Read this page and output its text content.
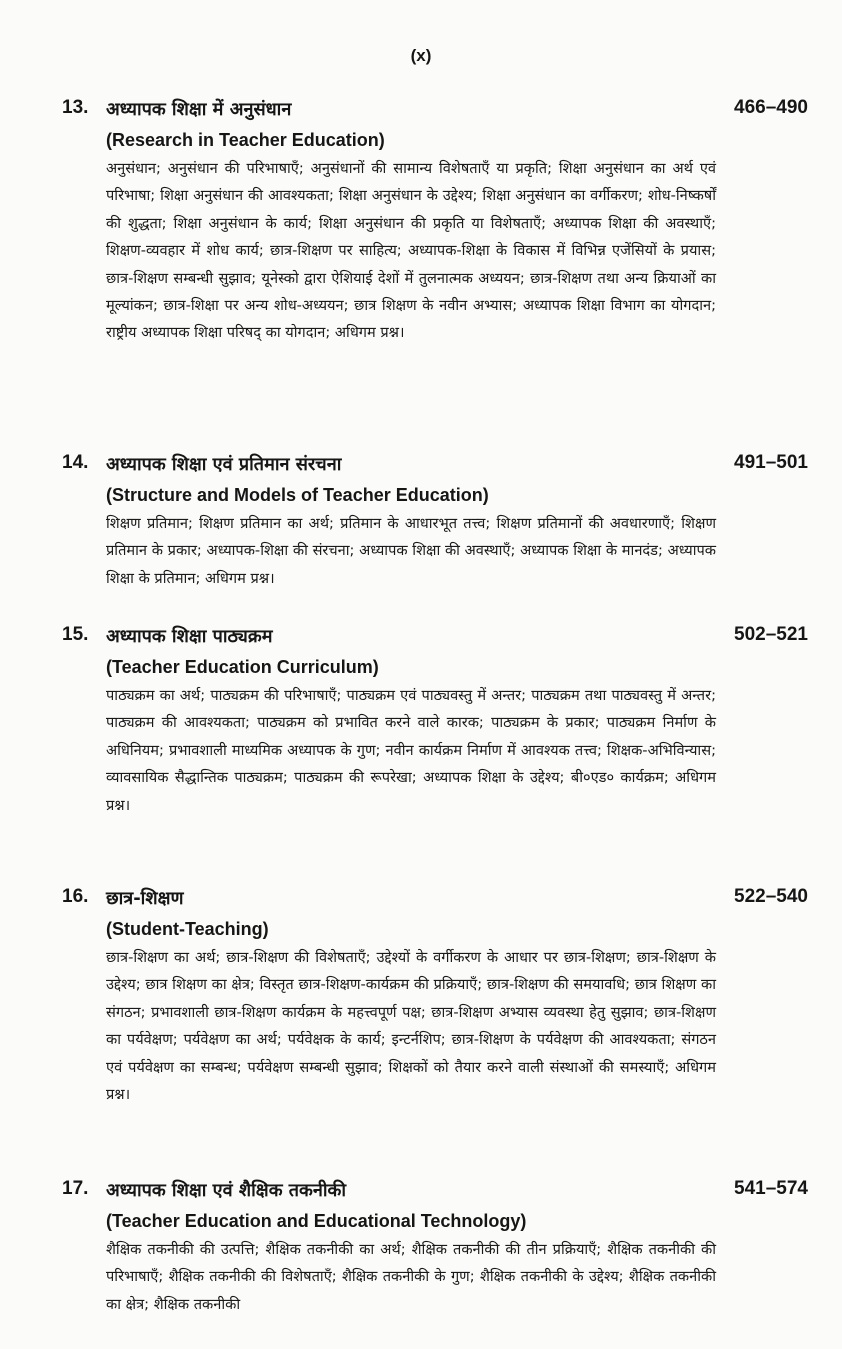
(x)
13. अध्यापक शिक्षा में अनुसंधान	466–490
(Research in Teacher Education)
अनुसंधान; अनुसंधान की परिभाषाएँ; अनुसंधानों की सामान्य विशेषताएँ या प्रकृति; शिक्षा अनुसंधान का अर्थ एवं परिभाषा; शिक्षा अनुसंधान की आवश्यकता; शिक्षा अनुसंधान के उद्देश्य; शिक्षा अनुसंधान का वर्गीकरण; शोध-निष्कर्षों की शुद्धता; शिक्षा अनुसंधान के कार्य; शिक्षा अनुसंधान की प्रकृति या विशेषताएँ; अध्यापक शिक्षा की अवस्थाएँ; शिक्षण-व्यवहार में शोध कार्य; छात्र-शिक्षण पर साहित्य; अध्यापक-शिक्षा के विकास में विभिन्न एजेंसियों के प्रयास; छात्र-शिक्षण सम्बन्धी सुझाव; यूनेस्को द्वारा ऐशियाई देशों में तुलनात्मक अध्ययन; छात्र-शिक्षण तथा अन्य क्रियाओं का मूल्यांकन; छात्र-शिक्षा पर अन्य शोध-अध्ययन; छात्र शिक्षण के नवीन अभ्यास; अध्यापक शिक्षा विभाग का योगदान; राष्ट्रीय अध्यापक शिक्षा परिषद् का योगदान; अधिगम प्रश्न।
14. अध्यापक शिक्षा एवं प्रतिमान संरचना	491–501
(Structure and Models of Teacher Education)
शिक्षण प्रतिमान; शिक्षण प्रतिमान का अर्थ; प्रतिमान के आधारभूत तत्त्व; शिक्षण प्रतिमानों की अवधारणाएँ; शिक्षण प्रतिमान के प्रकार; अध्यापक-शिक्षा की संरचना; अध्यापक शिक्षा की अवस्थाएँ; अध्यापक शिक्षा के मानदंड; अध्यापक शिक्षा के प्रतिमान; अधिगम प्रश्न।
15. अध्यापक शिक्षा पाठ्यक्रम	502–521
(Teacher Education Curriculum)
पाठ्यक्रम का अर्थ; पाठ्यक्रम की परिभाषाएँ; पाठ्यक्रम एवं पाठ्यवस्तु में अन्तर; पाठ्यक्रम तथा पाठ्यवस्तु में अन्तर; पाठ्यक्रम की आवश्यकता; पाठ्यक्रम को प्रभावित करने वाले कारक; पाठ्यक्रम के प्रकार; पाठ्यक्रम निर्माण के अधिनियम; प्रभावशाली माध्यमिक अध्यापक के गुण; नवीन कार्यक्रम निर्माण में आवश्यक तत्त्व; शिक्षक-अभिविन्यास; व्यावसायिक सैद्धान्तिक पाठ्यक्रम; पाठ्यक्रम की रूपरेखा; अध्यापक शिक्षा के उद्देश्य; बी०एड० कार्यक्रम; अधिगम प्रश्न।
16. छात्र-शिक्षण	522–540
(Student-Teaching)
छात्र-शिक्षण का अर्थ; छात्र-शिक्षण की विशेषताएँ; उद्देश्यों के वर्गीकरण के आधार पर छात्र-शिक्षण; छात्र-शिक्षण के उद्देश्य; छात्र शिक्षण का क्षेत्र; विस्तृत छात्र-शिक्षण-कार्यक्रम की प्रक्रियाएँ; छात्र-शिक्षण की समयावधि; छात्र शिक्षण का संगठन; प्रभावशाली छात्र-शिक्षण कार्यक्रम के महत्त्वपूर्ण पक्ष; छात्र-शिक्षण अभ्यास व्यवस्था हेतु सुझाव; छात्र-शिक्षण का पर्यवेक्षण; पर्यवेक्षण का अर्थ; पर्यवेक्षक के कार्य; इन्टर्नशिप; छात्र-शिक्षण के पर्यवेक्षण की आवश्यकता; संगठन एवं पर्यवेक्षण का सम्बन्ध; पर्यवेक्षण सम्बन्धी सुझाव; शिक्षकों को तैयार करने वाली संस्थाओं की समस्याएँ; अधिगम प्रश्न।
17. अध्यापक शिक्षा एवं शैक्षिक तकनीकी	541–574
(Teacher Education and Educational Technology)
शैक्षिक तकनीकी की उत्पत्ति; शैक्षिक तकनीकी का अर्थ; शैक्षिक तकनीकी की तीन प्रक्रियाएँ; शैक्षिक तकनीकी की परिभाषाएँ; शैक्षिक तकनीकी की विशेषताएँ; शैक्षिक तकनीकी के गुण; शैक्षिक तकनीकी के उद्देश्य; शैक्षिक तकनीकी का क्षेत्र; शैक्षिक तकनीकी
